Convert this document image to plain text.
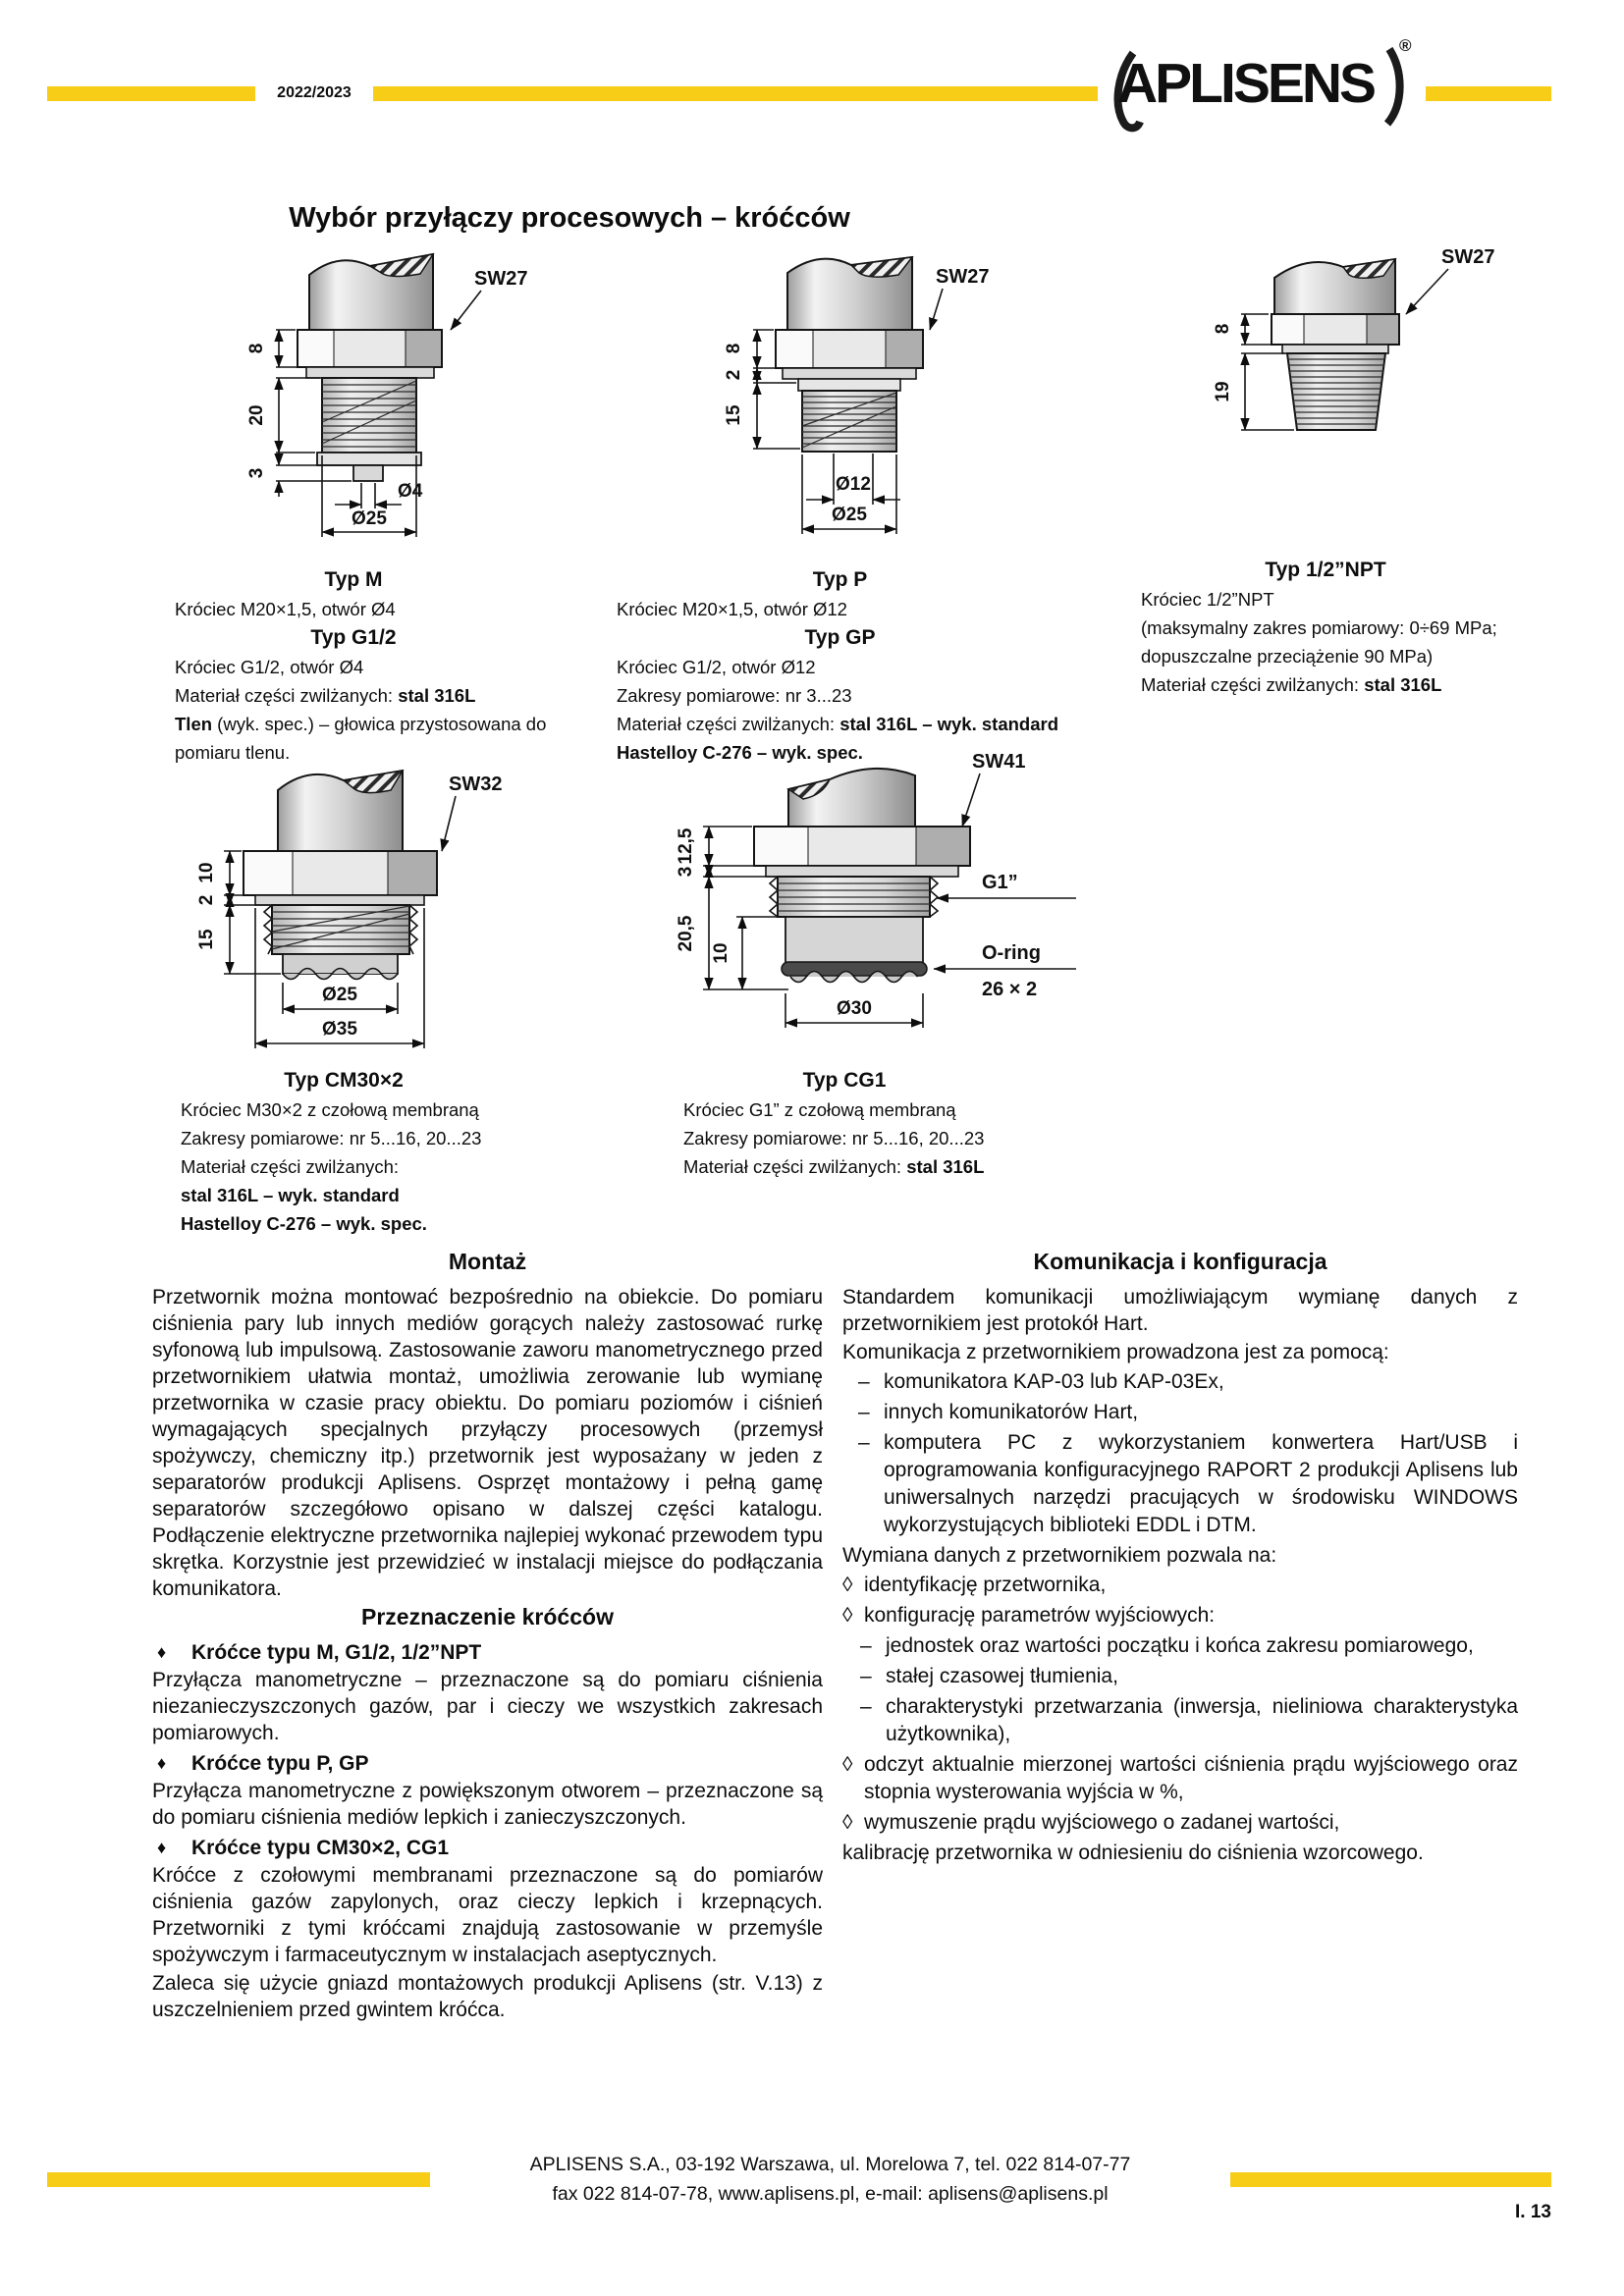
2022/2023	APLISENS
®
Wybór przyłączy procesowych – króćców
SW27
8
20
3
Ø4
Ø25
SW27
8
2
15
Ø12
Ø25
SW27
8
19
SW32
10
2
15
Ø25
Ø35
SW41
G1”
O-ring
26 × 2
12,5
3
20,5
10
Ø30
Typ M
Króciec M20×1,5, otwór Ø4
Typ G1/2
Króciec G1/2, otwór Ø4
Materiał części zwilżanych: stal 316L
Tlen (wyk. spec.) – głowica przystosowana do pomiaru tlenu.
Typ P
Króciec M20×1,5, otwór Ø12
Typ GP
Króciec G1/2, otwór Ø12
Zakresy pomiarowe: nr 3...23
Materiał części zwilżanych: stal 316L – wyk. standard
Hastelloy C-276 – wyk. spec.
Typ 1/2”NPT
Króciec 1/2”NPT
(maksymalny zakres pomiarowy: 0÷69 MPa;
dopuszczalne przeciążenie 90 MPa)
Materiał części zwilżanych: stal 316L
Typ CM30×2
Króciec M30×2 z czołową membraną
Zakresy pomiarowe: nr 5...16, 20...23
Materiał części zwilżanych:
stal 316L – wyk. standard
Hastelloy C-276 – wyk. spec.
Typ CG1
Króciec G1” z czołową membraną
Zakresy pomiarowe: nr 5...16, 20...23
Materiał części zwilżanych: stal 316L
Montaż

Przetwornik można montować bezpośrednio na obiekcie. Do pomiaru ciśnienia pary lub innych mediów gorących należy zastosować rurkę syfonową lub impulsową. Zastosowanie zaworu manometrycznego przed przetwornikiem ułatwia montaż, umożliwia zerowanie lub wymianę przetwornika w czasie pracy obiektu. Do pomiaru poziomów i ciśnień wymagających specjalnych przyłączy procesowych (przemysł spożywczy, chemiczny itp.) przetwornik jest wyposażany w jeden z separatorów produkcji Aplisens. Osprzęt montażowy i pełną gamę separatorów szczegółowo opisano w dalszej części katalogu. Podłączenie elektryczne przetwornika najlepiej wykonać przewodem typu skrętka. Korzystnie jest przewidzieć w instalacji miejsce do podłączania komunikatora.

Przeznaczenie króćców
♦ Króćce typu M, G1/2, 1/2”NPT

Przyłącza manometryczne – przeznaczone są do pomiaru ciśnienia niezanieczyszczonych gazów, par i cieczy we wszystkich zakresach pomiarowych.

♦ Króćce typu P, GP

Przyłącza manometryczne z powiększonym otworem – przeznaczone są do pomiaru ciśnienia mediów lepkich i zanieczyszczonych.

♦ Króćce typu CM30×2, CG1

Króćce z czołowymi membranami przeznaczone są do pomiarów ciśnienia gazów zapylonych, oraz cieczy lepkich i krzepnących. Przetworniki z tymi króćcami znajdują zastosowanie w przemyśle spożywczym i farmaceutycznym w instalacjach aseptycznych.

Zaleca się użycie gniazd montażowych produkcji Aplisens (str. V.13) z uszczelnieniem przed gwintem króćca.

Komunikacja i konfiguracja

Standardem komunikacji umożliwiającym wymianę danych z przetwornikiem jest protokół Hart.

Komunikacja z przetwornikiem prowadzona jest za pomocą:

– komunikatora KAP-03 lub KAP-03Ex,
– innych komunikatorów Hart,
– komputera PC z wykorzystaniem konwertera Hart/USB i oprogramowania konfiguracyjnego RAPORT 2 produkcji Aplisens lub uniwersalnych narzędzi pracujących w środowisku WINDOWS wykorzystujących biblioteki EDDL i DTM.

Wymiana danych z przetwornikiem pozwala na:

◊ identyfikację przetwornika,
◊ konfigurację parametrów wyjściowych:
– jednostek oraz wartości początku i końca zakresu pomiarowego,
– stałej czasowej tłumienia,
– charakterystyki przetwarzania (inwersja, nieliniowa charakterystyka użytkownika),
◊ odczyt aktualnie mierzonej wartości ciśnienia prądu wyjściowego oraz stopnia wysterowania wyjścia w %,
◊ wymuszenie prądu wyjściowego o zadanej wartości,

kalibrację przetwornika w odniesieniu do ciśnienia wzorcowego.

APLISENS S.A., 03-192 Warszawa, ul. Morelowa 7, tel. 022 814-07-77
fax 022 814-07-78, www.aplisens.pl, e-mail: aplisens@aplisens.pl
I. 13
